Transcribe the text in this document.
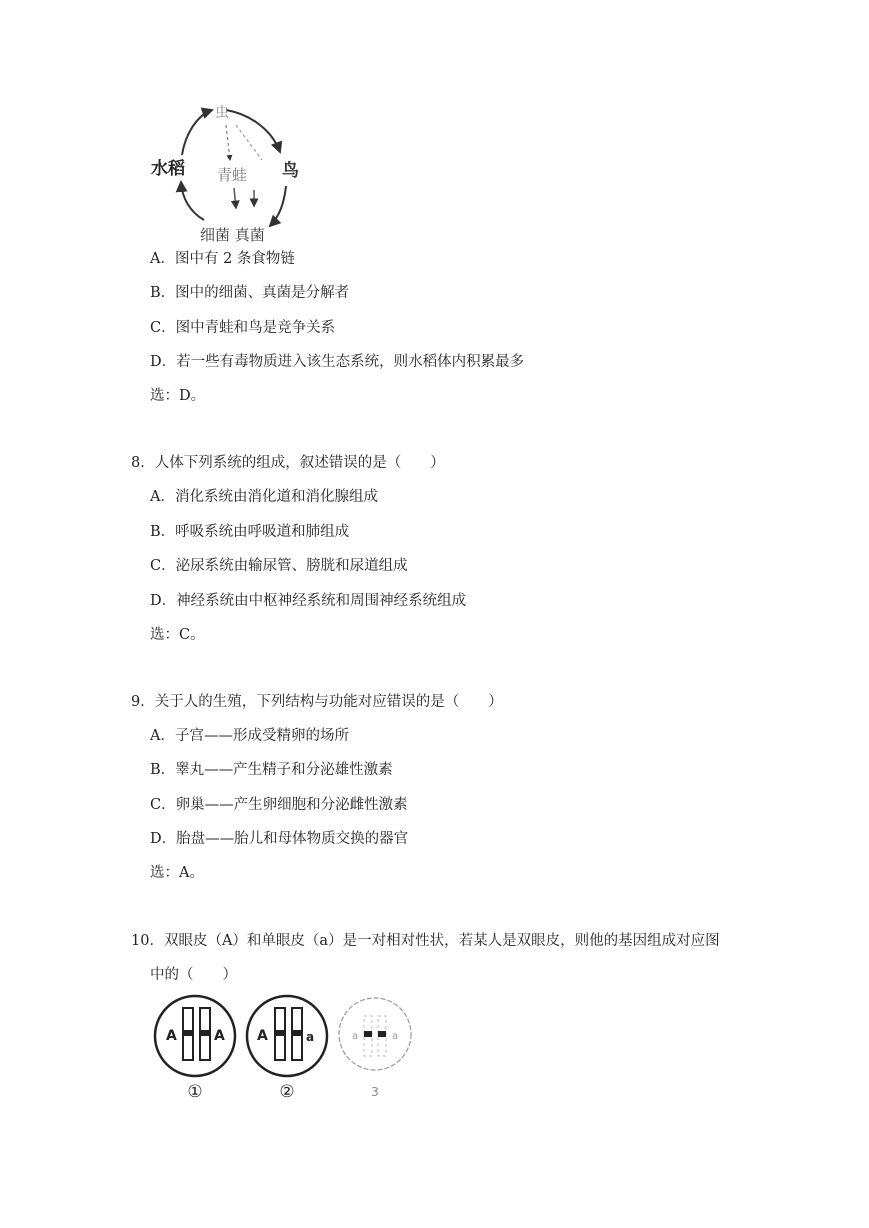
虫
水稻 青蛙 鸟
细菌 真菌
A．图中有 2 条食物链
B．图中的细菌、真菌是分解者
C．图中青蛙和鸟是竞争关系
D．若一些有毒物质进入该生态系统，则水稻体内积累最多
选：D。
8．人体下列系统的组成，叙述错误的是（　　）
A．消化系统由消化道和消化腺组成
B．呼吸系统由呼吸道和肺组成
C．泌尿系统由输尿管、膀胱和尿道组成
D．神经系统由中枢神经系统和周围神经系统组成
选：C。
9．关于人的生殖，下列结构与功能对应错误的是（　　）
A．子宫——形成受精卵的场所
B．睾丸——产生精子和分泌雄性激素
C．卵巢——产生卵细胞和分泌雌性激素
D．胎盘——胎儿和母体物质交换的器官
选：A。
10．双眼皮（A）和单眼皮（a）是一对相对性状，若某人是双眼皮，则他的基因组成对应图
中的（　　）
A	A
①
A	a
②
a	a
3
